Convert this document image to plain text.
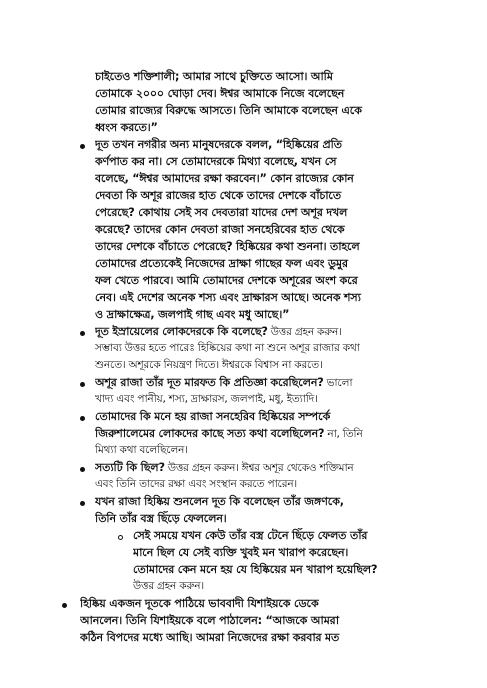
চাইতেও শক্তিশালী; আমার সাথে চুক্তিতে আসো। আমি
তোমাকে ২০০০ ঘোড়া দেব। ঈশ্বর আমাকে নিজে বলেছেন
তোমার রাজ্যের বিরুদ্ধে আসতে। তিনি আমাকে বলেছেন একে
ধ্বংস করতে।”
দূত তখন নগরীর অন্য মানুষদেরকে বলল, “হিষ্কিয়ের প্রতি
কর্ণপাত কর না। সে তোমাদেরকে মিথ্যা বলেছে, যখন সে
বলেছে, “ঈশ্বর আমাদের রক্ষা করবেন।” কোন রাজ্যের কোন
দেবতা কি অশূর রাজের হাত থেকে তাদের দেশকে বাঁচাতে
পেরেছে? কোথায় সেই সব দেবতারা যাদের দেশ অশূর দখল
করেছে? তাদের কোন দেবতা রাজা সনহেরিবের হাত থেকে
তাদের দেশকে বাঁচাতে পেরেছে? হিষ্কিয়ের কথা শুননা। তাহলে
তোমাদের প্রত্যেকেই নিজেদের দ্রাক্ষা গাছের ফল এবং ডুমুর
ফল খেতে পারবে। আমি তোমাদের দেশকে অশূরের অংশ করে
নেব। এই দেশের অনেক শস্য এবং দ্রাক্ষারস আছে। অনেক শস্য
ও দ্রাক্ষাক্ষেত্র, জলপাই গাছ এবং মধু আছে।”
দূত ইস্রায়েলের লোকদেরকে কি বলেছে? উত্তর গ্রহন করুন।
সম্ভাব্য উত্তর হতে পারেঃ হিষ্কিয়ের কথা না শুনে অশূর রাজার কথা
শুনতে। অশূরকে নিয়ন্ত্রণ দিতে। ঈশ্বরকে বিশ্বাস না করতে।
অশূর রাজা তাঁর দূত মারফত কি প্রতিজ্ঞা করেছিলেন? ভালো
খাদ্য এবং পানীয়, শস্য, দ্রাক্ষারস, জলপাই, মধু, ইত্যাদি।
তোমাদের কি মনে হয় রাজা সনহেরিব হিষ্কিয়ের সম্পর্কে
জিরুশালেমের লোকদের কাছে সত্য কথা বলেছিলেন? না, তিনি
মিথ্যা কথা বলেছিলেন।
সত্যটি কি ছিল? উত্তর গ্রহন করুন। ঈশ্বর অশূর থেকেও শক্তিমান
এবং তিনি তাদের রক্ষা এবং সংস্থান করতে পারেন।
যখন রাজা হিষ্কিয় শুনলেন দূত কি বলেছেন তাঁর জঙ্গণকে,
তিনি তাঁর বস্ত্র ছিঁড়ে ফেললেন।
সেই সময়ে যখন কেউ তাঁর বস্ত্র টেনে ছিঁড়ে ফেলত তাঁর
মানে ছিল যে সেই ব্যক্তি খুবই মন খারাপ করেছেন।
তোমাদের কেন মনে হয় যে হিষ্কিয়ের মন খারাপ হয়েছিল?
উত্তর গ্রহন করুন।
হিষ্কিয় একজন দূতকে পাঠিয়ে ভাববাদী যিশাইয়কে ডেকে
আনলেন। তিনি যিশাইয়কে বলে পাঠালেন: “আজকে আমরা
কঠিন বিপদের মধ্যে আছি। আমরা নিজেদের রক্ষা করবার মত
